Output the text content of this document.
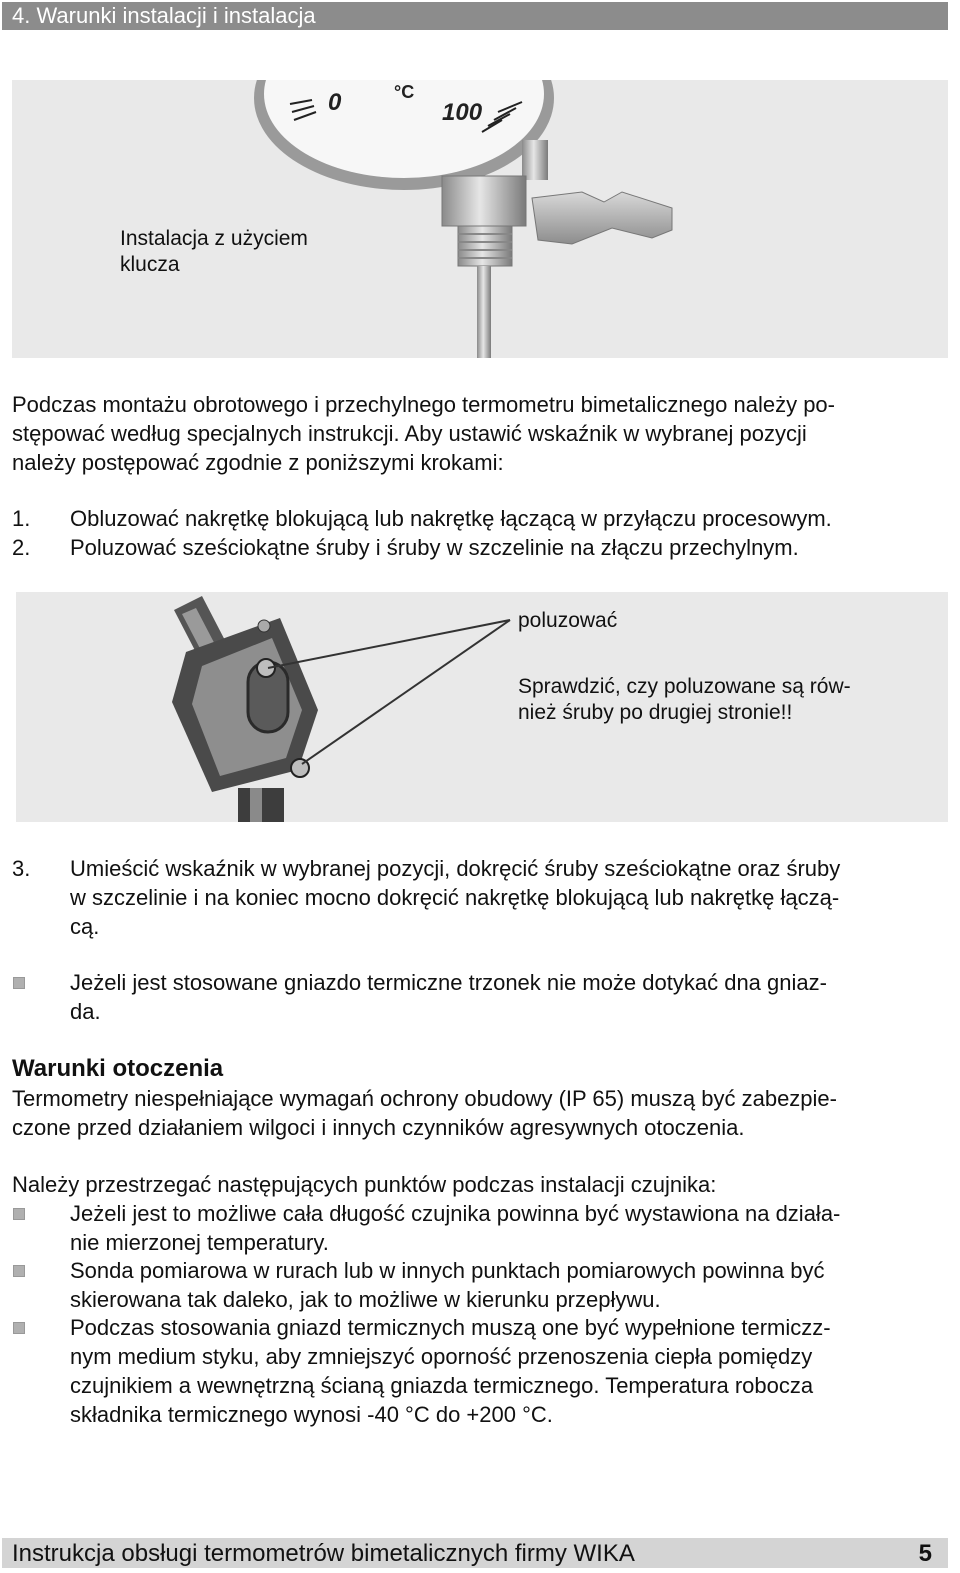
4. Warunki instalacji i instalacja
0	°C
100
Instalacja z użyciem
klucza
Podczas montażu obrotowego i przechylnego termometru bimetalicznego należy po-
stępować według specjalnych instrukcji. Aby ustawić wskaźnik w wybranej pozycji
należy postępować zgodnie z poniższymi krokami:
1. Obluzować nakrętkę blokującą lub nakrętkę łączącą w przyłączu procesowym.
2. Poluzować sześciokątne śruby i śruby w szczelinie na złączu przechylnym.
poluzować
Sprawdzić, czy poluzowane są rów-
nież śruby po drugiej stronie!!
3. Umieścić wskaźnik w wybranej pozycji, dokręcić śruby sześciokątne oraz śruby
w szczelinie i na koniec mocno dokręcić nakrętkę blokującą lub nakrętkę łączą-
cą.
Jeżeli jest stosowane gniazdo termiczne trzonek nie może dotykać dna gniaz-
da.
Warunki otoczenia
Termometry niespełniające wymagań ochrony obudowy (IP 65) muszą być zabezpie-
czone przed działaniem wilgoci i innych czynników agresywnych otoczenia.
Należy przestrzegać następujących punktów podczas instalacji czujnika:
Jeżeli jest to możliwe cała długość czujnika powinna być wystawiona na działa-
nie mierzonej temperatury.
Sonda pomiarowa w rurach lub w innych punktach pomiarowych powinna być
skierowana tak daleko, jak to możliwe w kierunku przepływu.
Podczas stosowania gniazd termicznych muszą one być wypełnione termiczz-
nym medium styku, aby zmniejszyć oporność przenoszenia ciepła pomiędzy
czujnikiem a wewnętrzną ścianą gniazda termicznego. Temperatura robocza
składnika termicznego wynosi -40 °C do +200 °C.
Instrukcja obsługi termometrów bimetalicznych firmy WIKA	5
